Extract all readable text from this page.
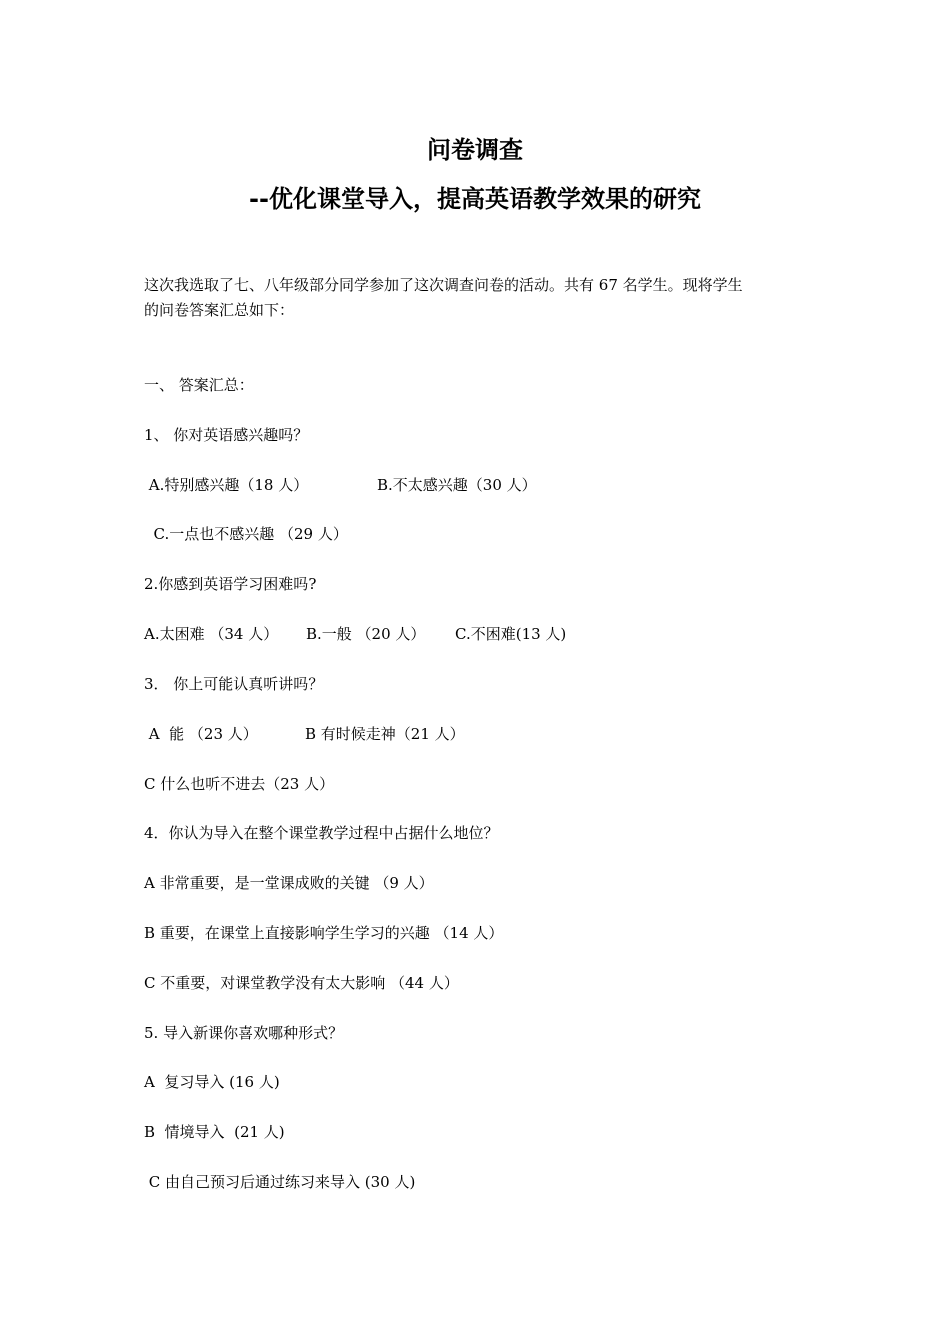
问卷调查
--优化课堂导入，提高英语教学效果的研究
这次我选取了七、八年级部分同学参加了这次调查问卷的活动。共有 67 名学生。现将学生
的问卷答案汇总如下：
一、 答案汇总：
1、 你对英语感兴趣吗？
A.特别感兴趣（18 人）	B.不太感兴趣（30 人）
C.一点也不感兴趣 （29 人）
2.你感到英语学习困难吗?
A.太困难 （34 人） B.一般 （20 人） C.不困难(13 人)
3． 你上可能认真听讲吗？
A  能 （23 人）	B 有时候走神（21 人）
C 什么也听不进去（23 人）
4．你认为导入在整个课堂教学过程中占据什么地位？
A 非常重要，是一堂课成败的关键 （9 人）
B 重要，在课堂上直接影响学生学习的兴趣 （14 人）
C 不重要，对课堂教学没有太大影响 （44 人）
5. 导入新课你喜欢哪种形式？
A  复习导入 (16 人)
B  情境导入  (21 人)
C 由自己预习后通过练习来导入 (30 人)
